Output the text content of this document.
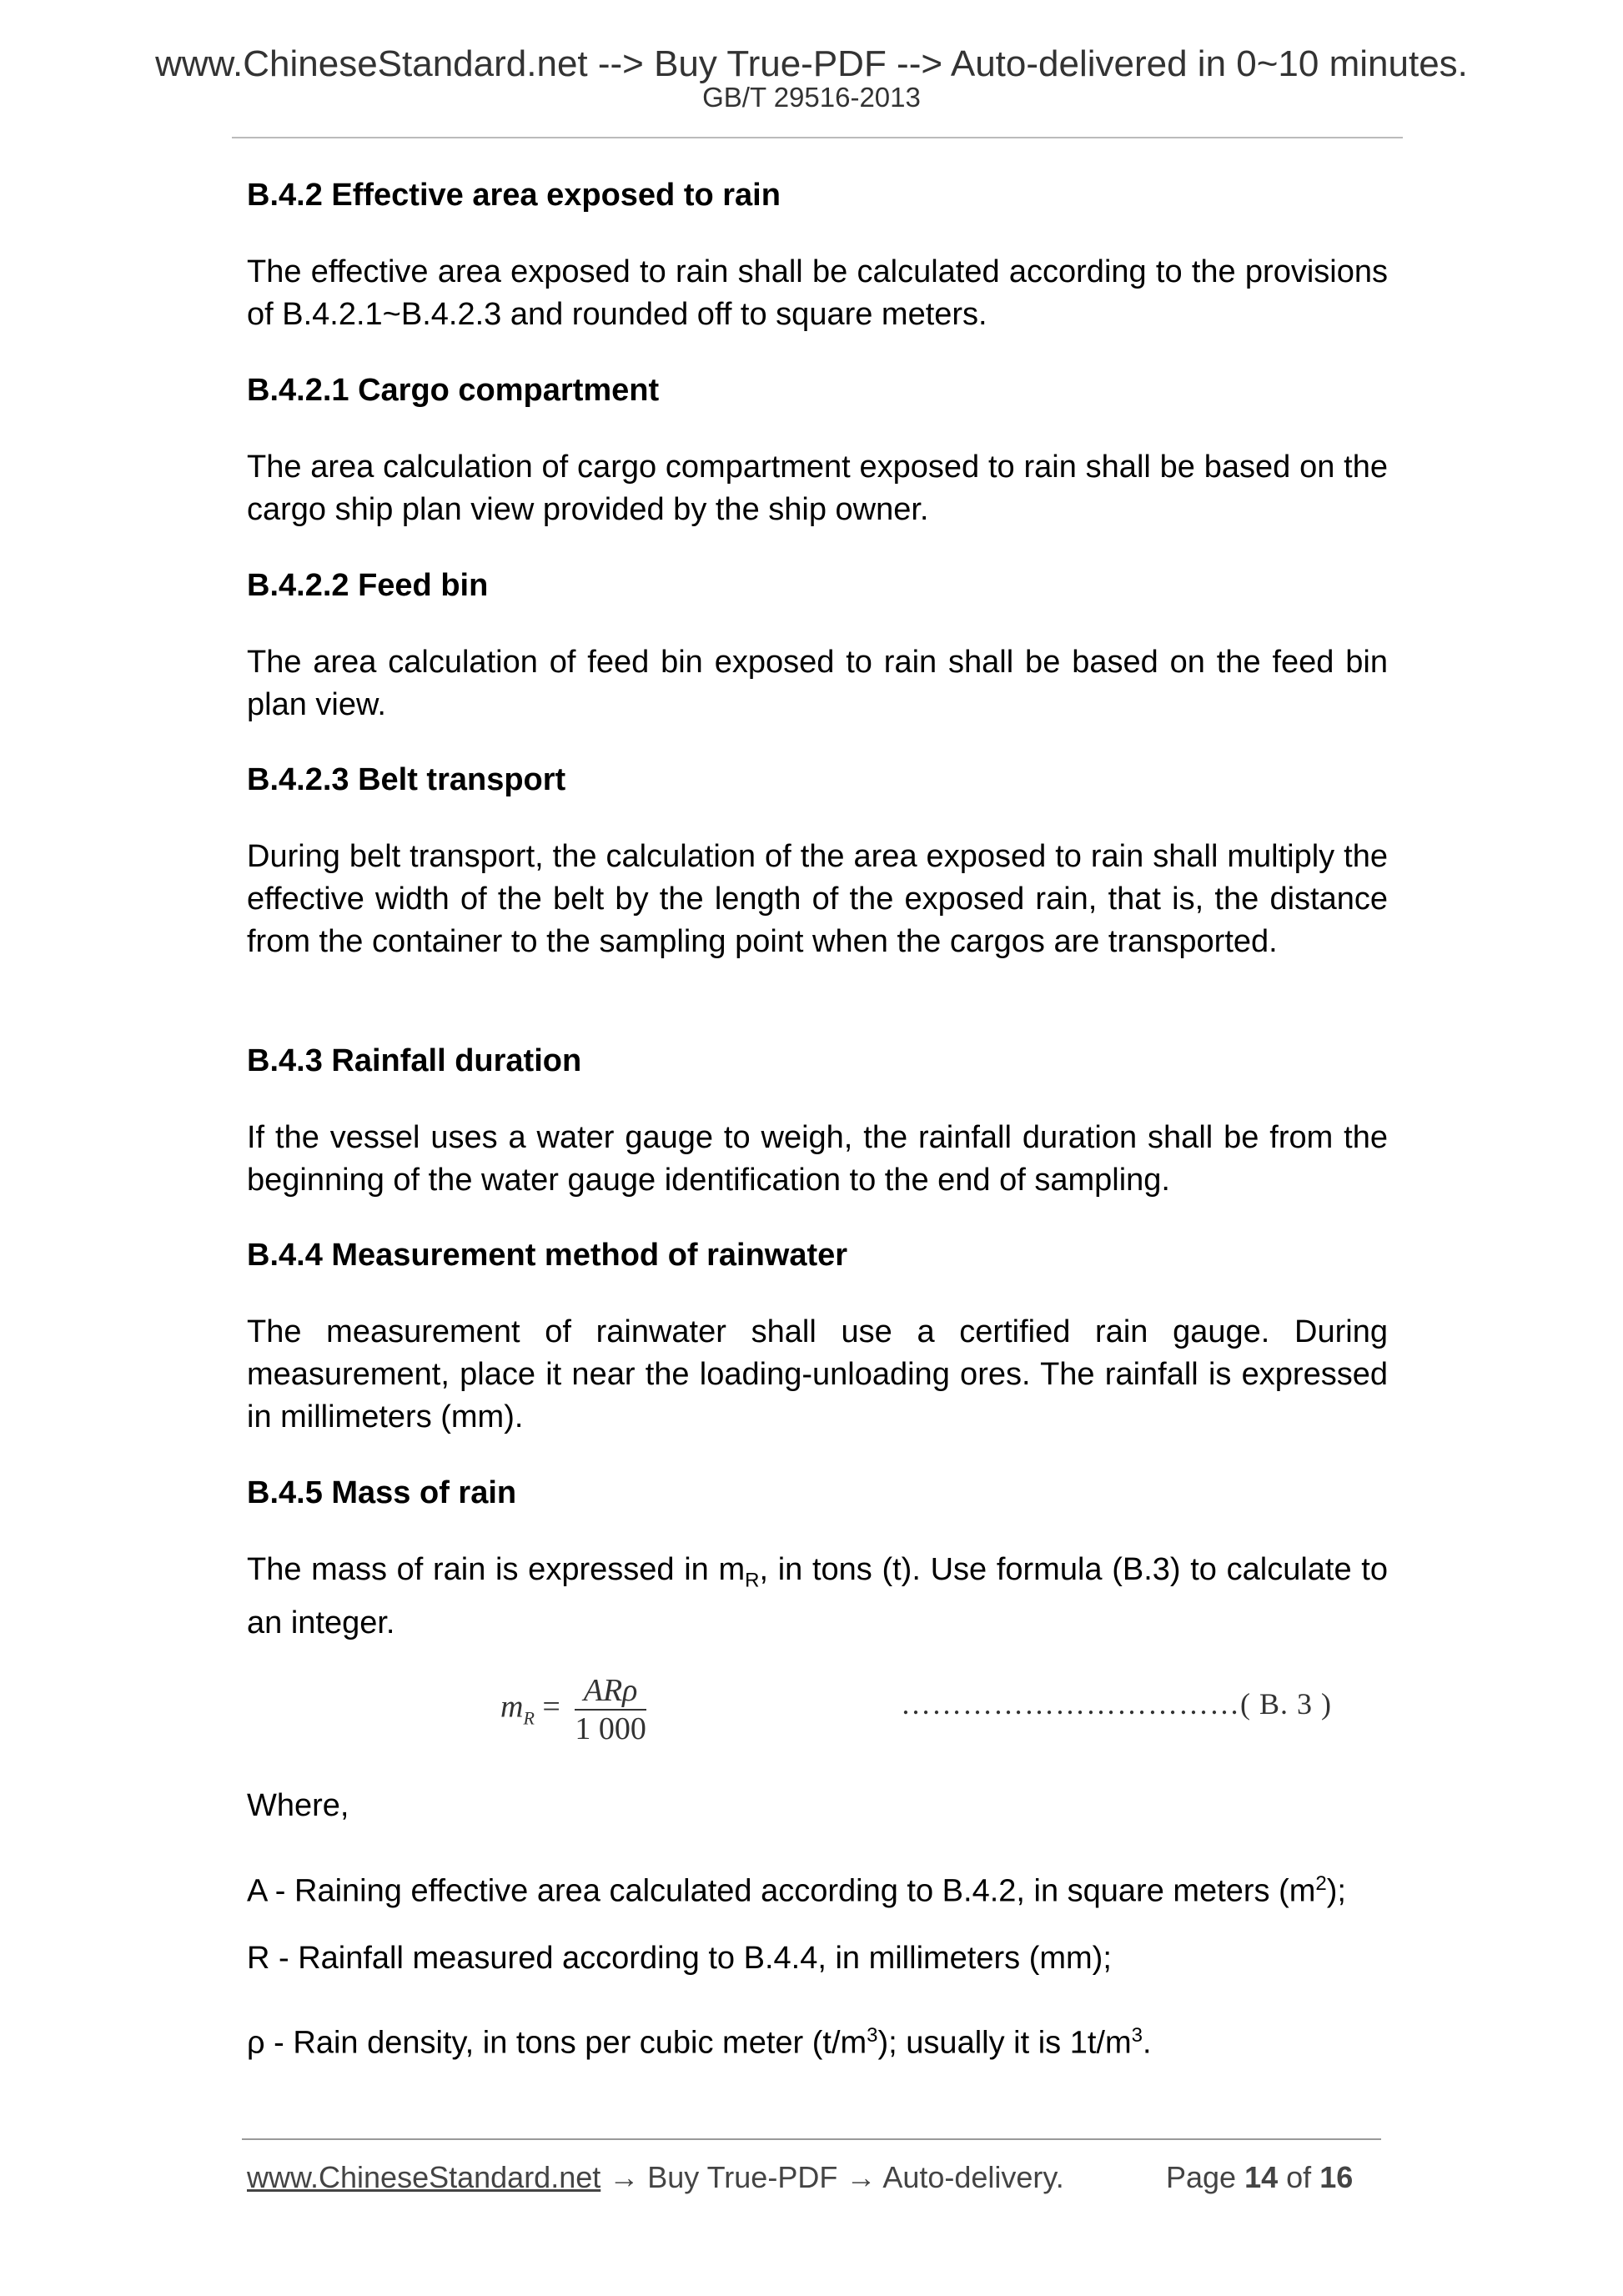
www.ChineseStandard.net --> Buy True-PDF --> Auto-delivered in 0~10 minutes.
GB/T 29516-2013
B.4.2 Effective area exposed to rain
The effective area exposed to rain shall be calculated according to the provisions of B.4.2.1~B.4.2.3 and rounded off to square meters.
B.4.2.1 Cargo compartment
The area calculation of cargo compartment exposed to rain shall be based on the cargo ship plan view provided by the ship owner.
B.4.2.2 Feed bin
The area calculation of feed bin exposed to rain shall be based on the feed bin plan view.
B.4.2.3 Belt transport
During belt transport, the calculation of the area exposed to rain shall multiply the effective width of the belt by the length of the exposed rain, that is, the distance from the container to the sampling point when the cargos are transported.
B.4.3 Rainfall duration
If the vessel uses a water gauge to weigh, the rainfall duration shall be from the beginning of the water gauge identification to the end of sampling.
B.4.4 Measurement method of rainwater
The measurement of rainwater shall use a certified rain gauge. During measurement, place it near the loading-unloading ores. The rainfall is expressed in millimeters (mm).
B.4.5 Mass of rain
The mass of rain is expressed in $m_R$, in tons (t). Use formula (B.3) to calculate to an integer.
$m_R = \frac{\text{ARρ}}{1 000}$	……………………………( B. 3 )
Where,
A - Raining effective area calculated according to B.4.2, in square meters $(m^2)$;
R - Rainfall measured according to B.4.4, in millimeters (mm);
ρ - Rain density, in tons per cubic meter $(t/m^3)$; usually it is $1t/m^3$.
www.ChineseStandard.net → Buy True-PDF → Auto-delivery.	Page 14 of 16
